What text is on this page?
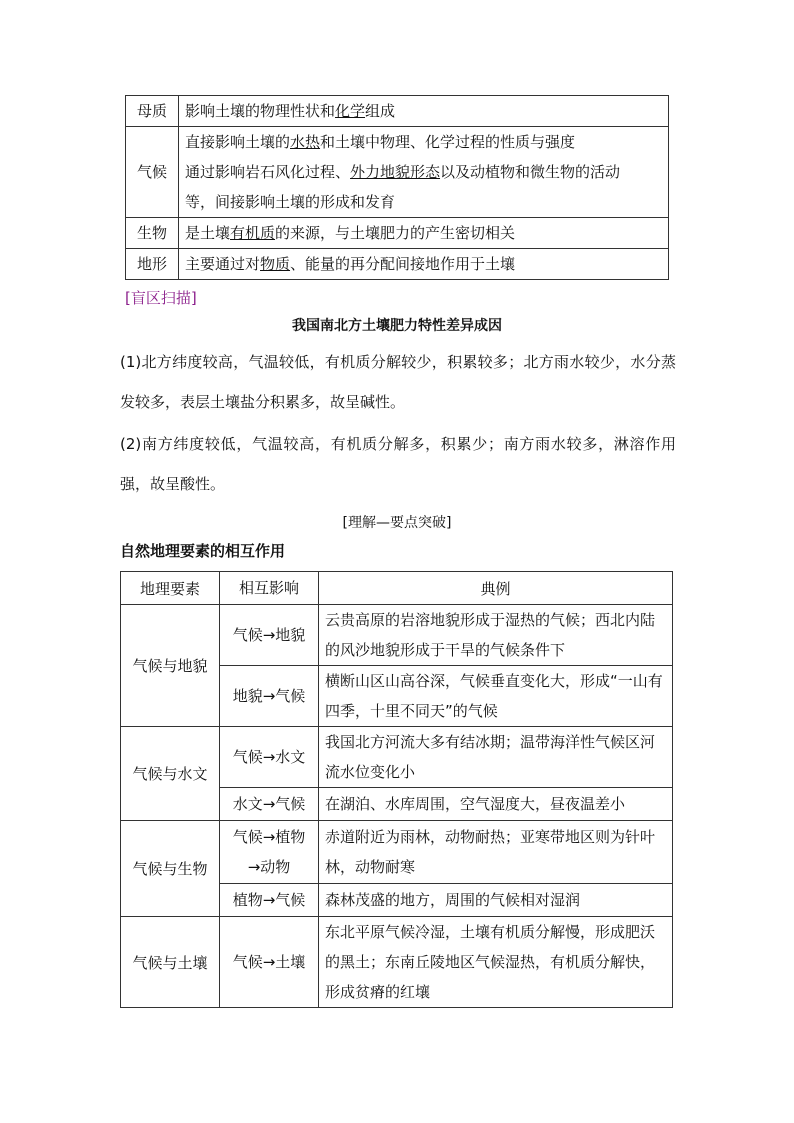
母质	影响土壤的物理性状和化学组成
气候	直接影响土壤的水热和土壤中物理、化学过程的性质与强度
通过影响岩石风化过程、外力地貌形态以及动植物和微生物的活动
等，间接影响土壤的形成和发育

生物	是土壤有机质的来源，与土壤肥力的产生密切相关
地形	主要通过对物质、能量的再分配间接地作用于土壤
[盲区扫描]
我国南北方土壤肥力特性差异成因
(1)北方纬度较高，气温较低，有机质分解较少，积累较多；北方雨水较少，水分蒸发较多，表层土壤盐分积累多，故呈碱性。
(2)南方纬度较低，气温较高，有机质分解多，积累少；南方雨水较多，淋溶作用强，故呈酸性。
[理解—要点突破]
自然地理要素的相互作用
地理要素	相互影响	典例
气候与地貌	气候→地貌	云贵高原的岩溶地貌形成于湿热的气候；西北内陆的风沙地貌形成于干旱的气候条件下
	地貌→气候	横断山区山高谷深，气候垂直变化大，形成“一山有四季，十里不同天”的气候
气候与水文	气候→水文	我国北方河流大多有结冰期；温带海洋性气候区河流水位变化小
	水文→气候	在湖泊、水库周围，空气湿度大，昼夜温差小
气候与生物	气候→植物
→动物	赤道附近为雨林，动物耐热；亚寒带地区则为针叶林，动物耐寒
	植物→气候	森林茂盛的地方，周围的气候相对湿润
气候与土壤	气候→土壤	东北平原气候冷湿，土壤有机质分解慢，形成肥沃的黑土；东南丘陵地区气候湿热，有机质分解快，形成贫瘠的红壤
